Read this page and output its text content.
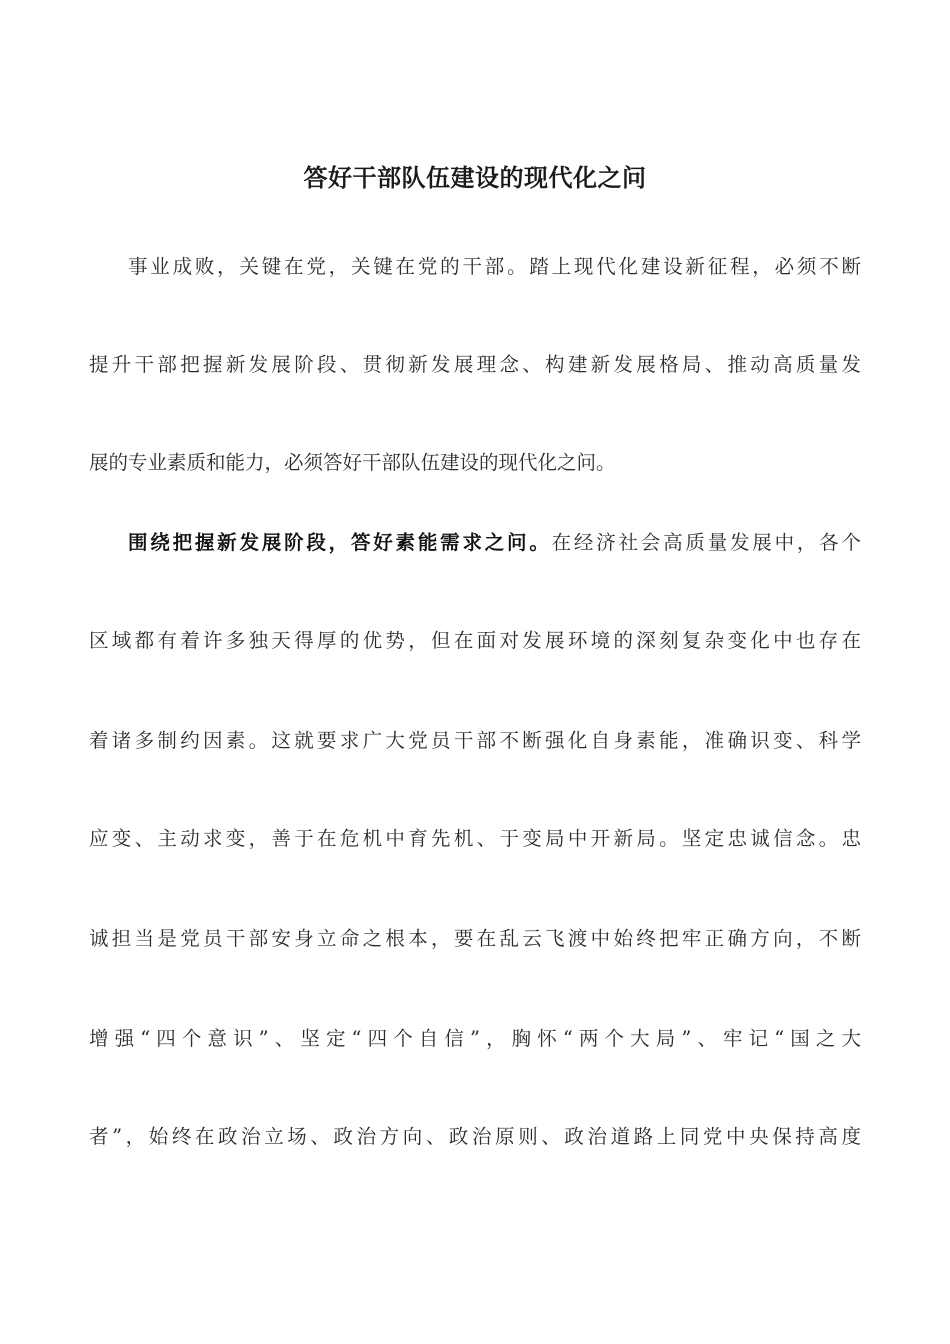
答好干部队伍建设的现代化之问

事业成败，关键在党，关键在党的干部。踏上现代化建设新征程，必须不断

提升干部把握新发展阶段、贯彻新发展理念、构建新发展格局、推动高质量发

展的专业素质和能力，必须答好干部队伍建设的现代化之问。

围绕把握新发展阶段，答好素能需求之问。在经济社会高质量发展中，各个

区域都有着许多独天得厚的优势，但在面对发展环境的深刻复杂变化中也存在

着诸多制约因素。这就要求广大党员干部不断强化自身素能，准确识变、科学

应变、主动求变，善于在危机中育先机、于变局中开新局。坚定忠诚信念。忠

诚担当是党员干部安身立命之根本，要在乱云飞渡中始终把牢正确方向，不断

增强“四个意识”、坚定“四个自信”，胸怀“两个大局”、牢记“国之大

者”，始终在政治立场、政治方向、政治原则、政治道路上同党中央保持高度
